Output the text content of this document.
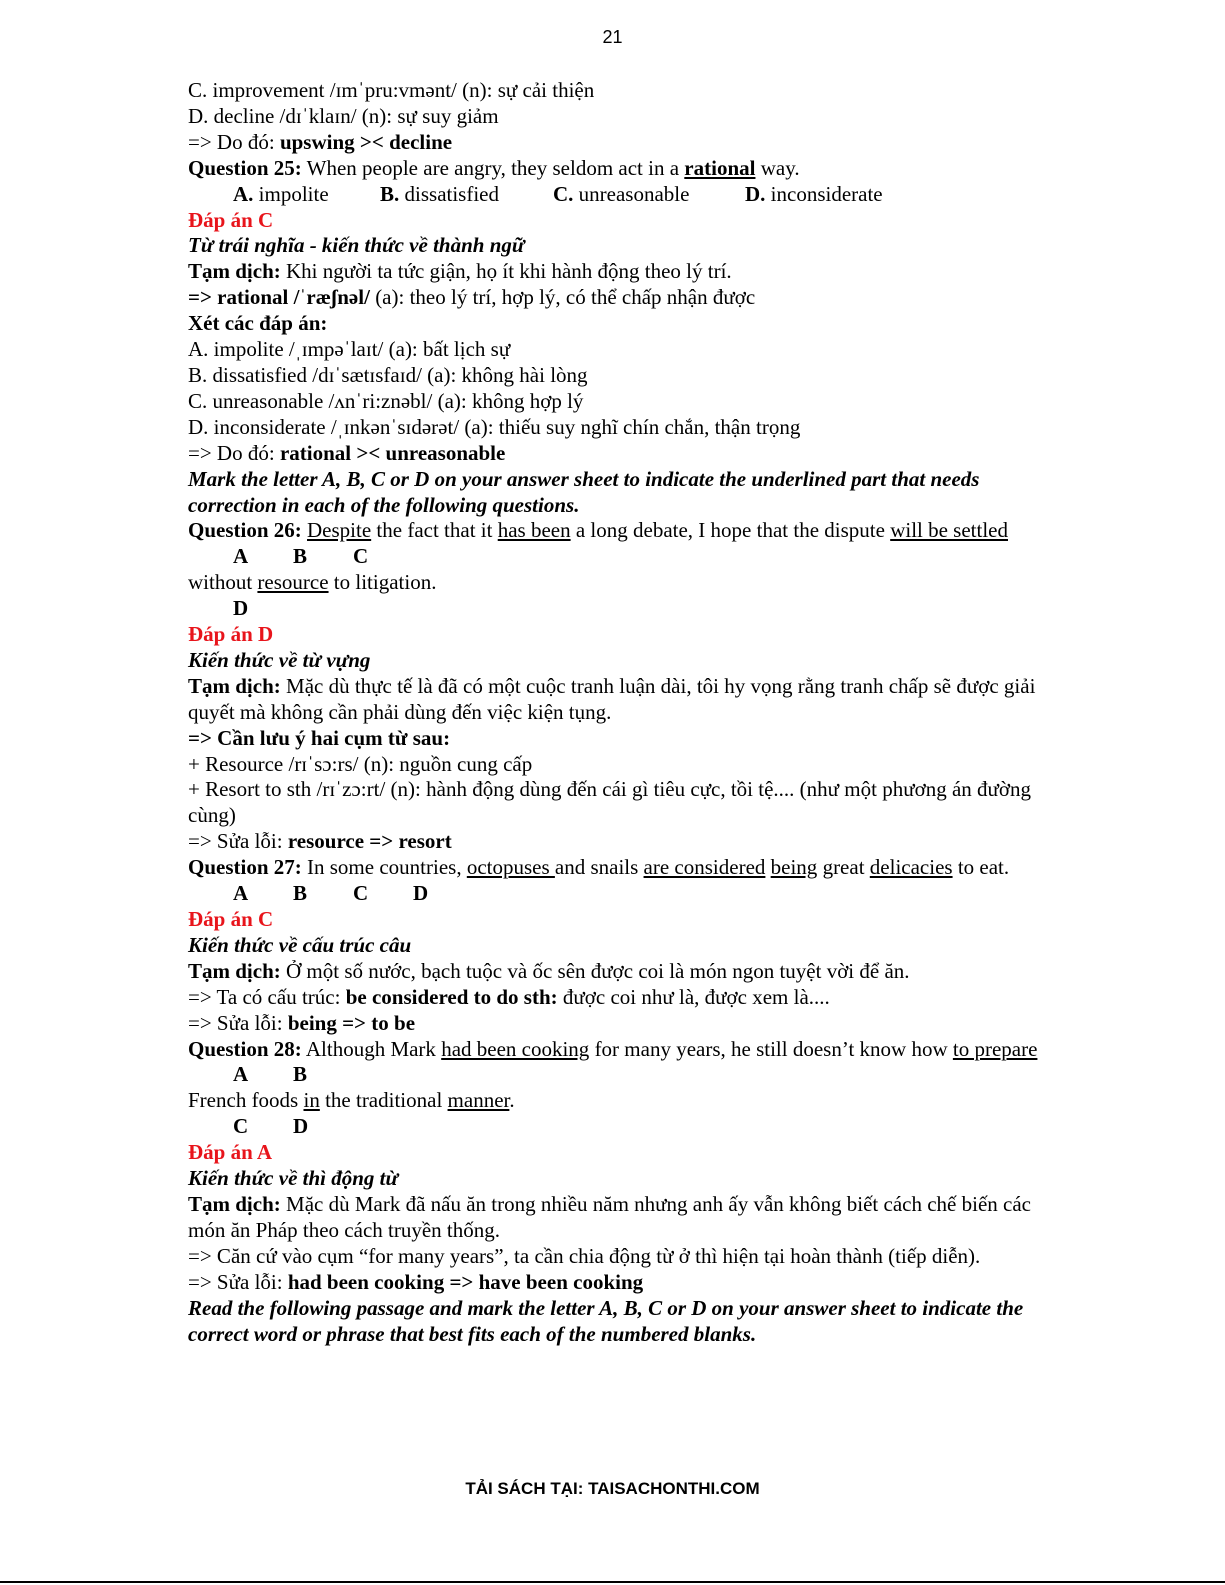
21
C. improvement /ɪmˈpru:vmənt/ (n): sự cải thiện
D. decline /dɪˈklaɪn/ (n): sự suy giảm
=> Do đó: upswing >< decline
Question 25: When people are angry, they seldom act in a rational way.
A. impolite B. dissatisfied	C. unreasonable	D. inconsiderate
Đáp án C
Từ trái nghĩa - kiến thức về thành ngữ
Tạm dịch: Khi người ta tức giận, họ ít khi hành động theo lý trí.
=> rational /ˈræʃnəl/ (a): theo lý trí, hợp lý, có thể chấp nhận được
Xét các đáp án:
A. impolite /ˌɪmpəˈlaɪt/ (a): bất lịch sự
B. dissatisfied /dɪˈsætɪsfaɪd/ (a): không hài lòng
C. unreasonable /ʌnˈri:znəbl/ (a): không hợp lý
D. inconsiderate /ˌɪnkənˈsɪdərət/ (a): thiếu suy nghĩ chín chắn, thận trọng
=> Do đó: rational >< unreasonable
Mark the letter A, B, C or D on your answer sheet to indicate the underlined part that needs correction in each of the following questions.
Question 26: Despite the fact that it has been a long debate, I hope that the dispute will be settled
A B C
without resource to litigation.
D
Đáp án D
Kiến thức về từ vựng
Tạm dịch: Mặc dù thực tế là đã có một cuộc tranh luận dài, tôi hy vọng rằng tranh chấp sẽ được giải quyết mà không cần phải dùng đến việc kiện tụng.
=> Cần lưu ý hai cụm từ sau:
+ Resource /rɪˈsɔ:rs/ (n): nguồn cung cấp
+ Resort to sth /rɪˈzɔ:rt/ (n): hành động dùng đến cái gì tiêu cực, tồi tệ.... (như một phương án đường cùng)
=> Sửa lỗi: resource => resort
Question 27: In some countries, octopuses and snails are considered being great delicacies to eat.
A B C D
Đáp án C
Kiến thức về cấu trúc câu
Tạm dịch: Ở một số nước, bạch tuộc và ốc sên được coi là món ngon tuyệt vời để ăn.
=> Ta có cấu trúc: be considered to do sth: được coi như là, được xem là....
=> Sửa lỗi: being => to be
Question 28: Although Mark had been cooking for many years, he still doesn’t know how to prepare
A B
French foods in the traditional manner.
C D
Đáp án A
Kiến thức về thì động từ
Tạm dịch: Mặc dù Mark đã nấu ăn trong nhiều năm nhưng anh ấy vẫn không biết cách chế biến các món ăn Pháp theo cách truyền thống.
=> Căn cứ vào cụm “for many years”, ta cần chia động từ ở thì hiện tại hoàn thành (tiếp diễn).
=> Sửa lỗi: had been cooking => have been cooking
Read the following passage and mark the letter A, B, C or D on your answer sheet to indicate the correct word or phrase that best fits each of the numbered blanks.
TẢI SÁCH TẠI: TAISACHONTHI.COM
